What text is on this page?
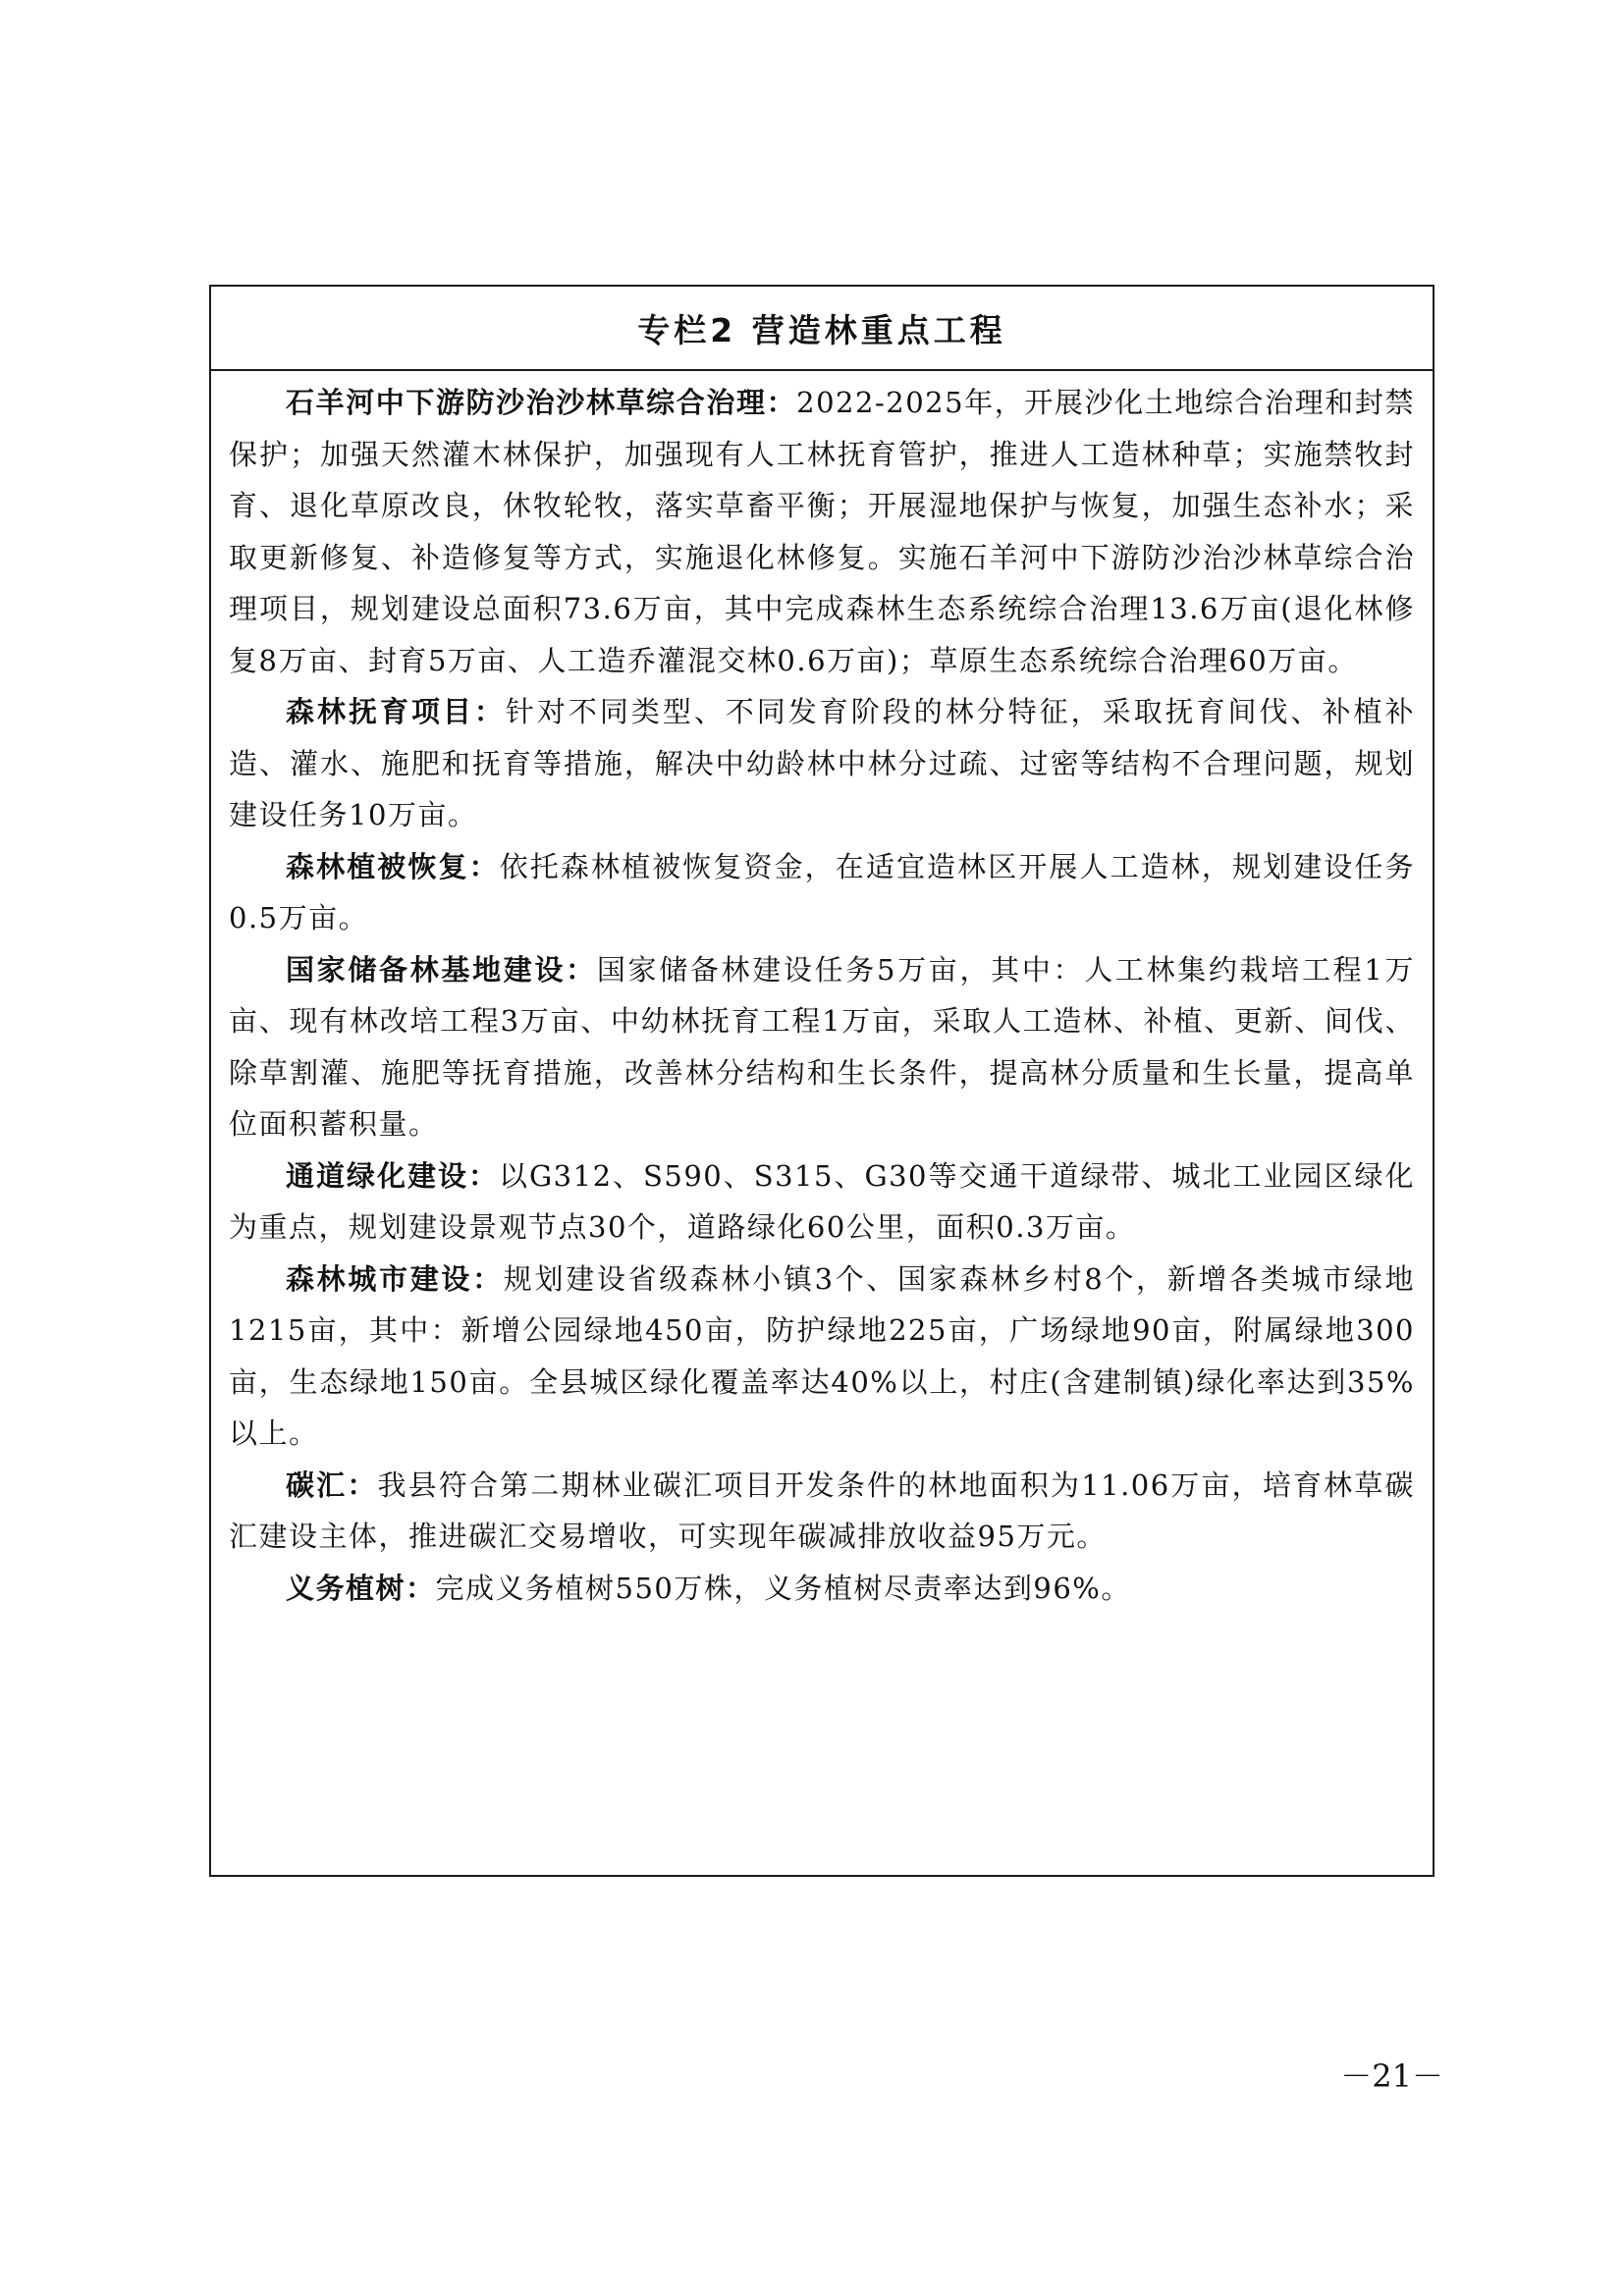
专栏2 营造林重点工程

石羊河中下游防沙治沙林草综合治理：2022-2025年，开展沙化土地综合治理和封禁保护；加强天然灌木林保护，加强现有人工林抚育管护，推进人工造林种草；实施禁牧封育、退化草原改良，休牧轮牧，落实草畜平衡；开展湿地保护与恢复，加强生态补水；采取更新修复、补造修复等方式，实施退化林修复。实施石羊河中下游防沙治沙林草综合治理项目，规划建设总面积73.6万亩，其中完成森林生态系统综合治理13.6万亩(退化林修复8万亩、封育5万亩、人工造乔灌混交林0.6万亩)；草原生态系统综合治理60万亩。

森林抚育项目：针对不同类型、不同发育阶段的林分特征，采取抚育间伐、补植补造、灌水、施肥和抚育等措施，解决中幼龄林中林分过疏、过密等结构不合理问题，规划建设任务10万亩。

森林植被恢复：依托森林植被恢复资金，在适宜造林区开展人工造林，规划建设任务0.5万亩。

国家储备林基地建设：国家储备林建设任务5万亩，其中：人工林集约栽培工程1万亩、现有林改培工程3万亩、中幼林抚育工程1万亩，采取人工造林、补植、更新、间伐、除草割灌、施肥等抚育措施，改善林分结构和生长条件，提高林分质量和生长量，提高单位面积蓄积量。

通道绿化建设：以G312、S590、S315、G30等交通干道绿带、城北工业园区绿化为重点，规划建设景观节点30个，道路绿化60公里，面积0.3万亩。

森林城市建设：规划建设省级森林小镇3个、国家森林乡村8个，新增各类城市绿地1215亩，其中：新增公园绿地450亩，防护绿地225亩，广场绿地90亩，附属绿地300亩，生态绿地150亩。全县城区绿化覆盖率达40%以上，村庄(含建制镇)绿化率达到35%以上。

碳汇：我县符合第二期林业碳汇项目开发条件的林地面积为11.06万亩，培育林草碳汇建设主体，推进碳汇交易增收，可实现年碳减排放收益95万元。

义务植树：完成义务植树550万株，义务植树尽责率达到96%。

－21－
